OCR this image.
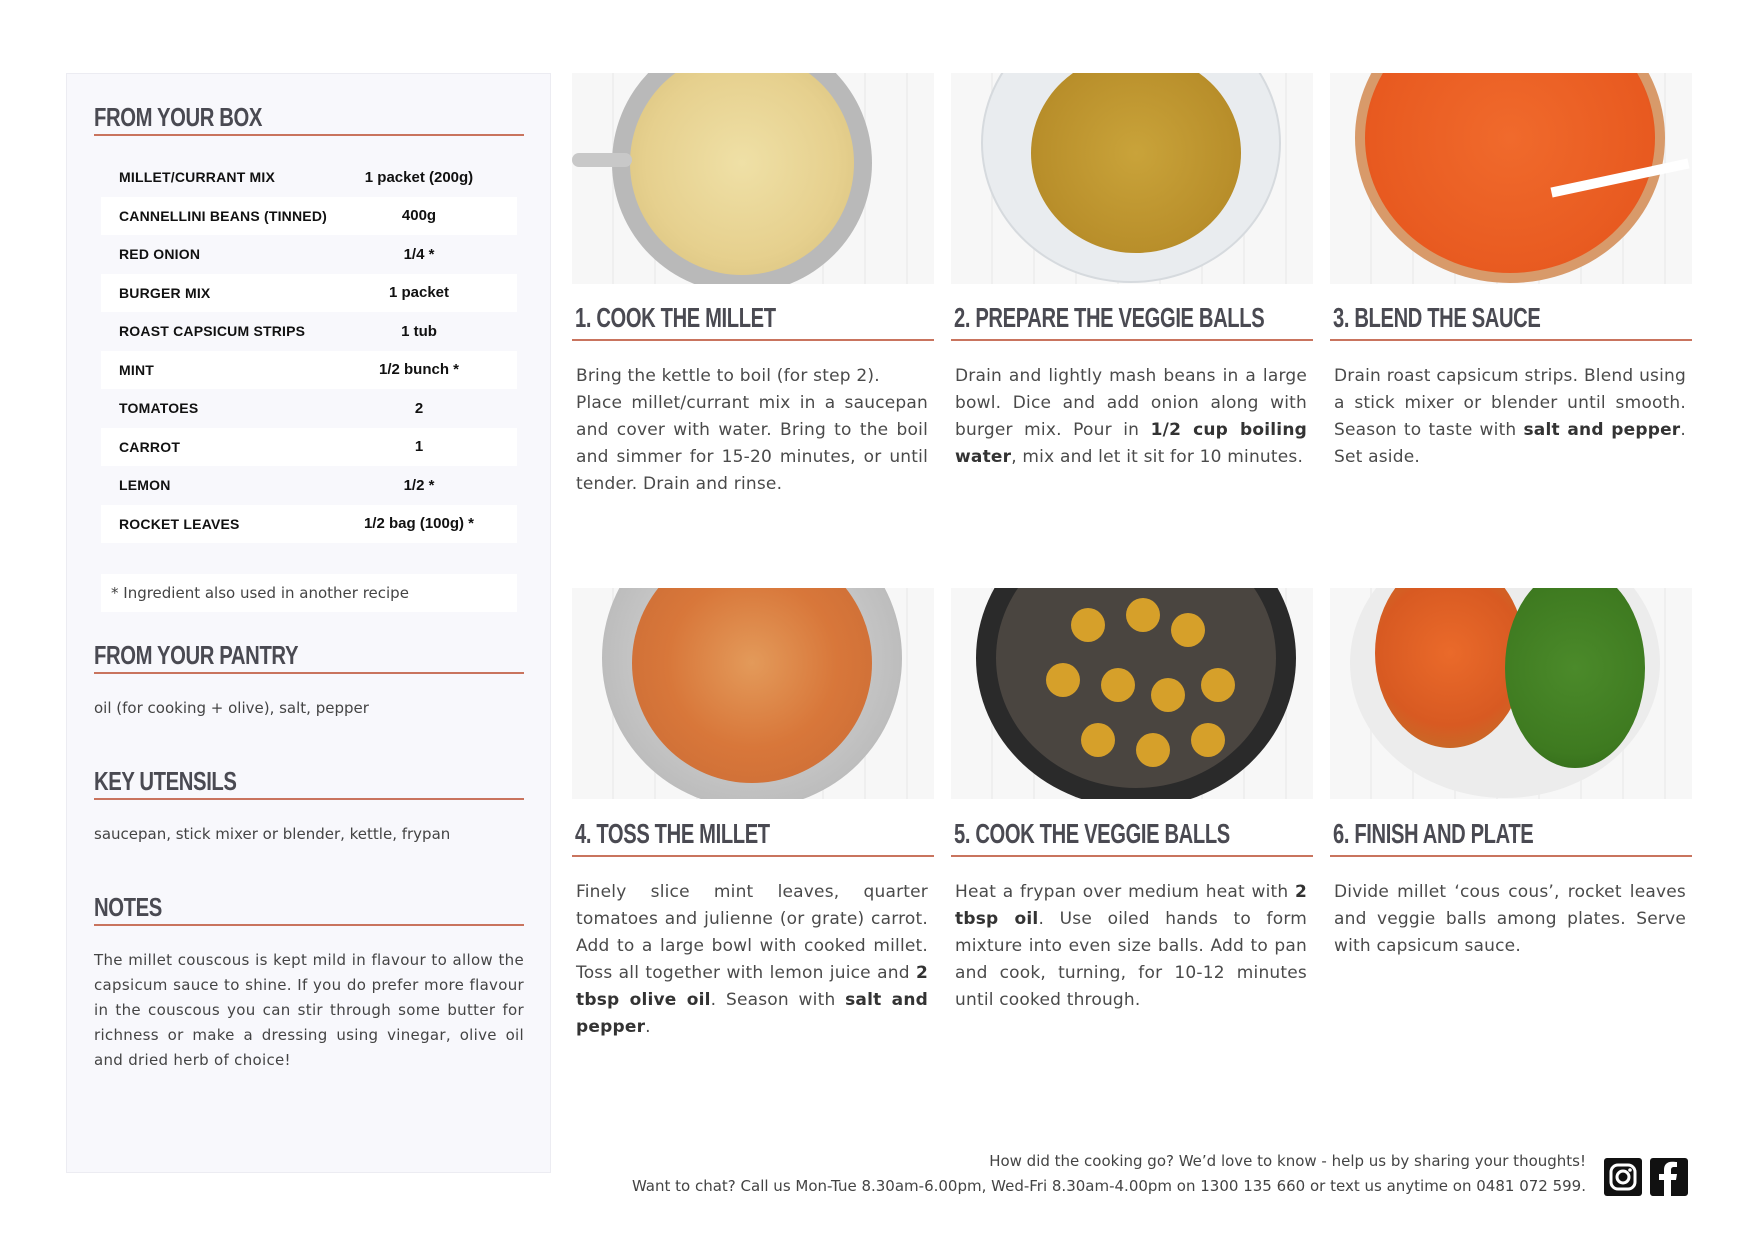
FROM YOUR BOX
MILLET/CURRANT MIX	1 packet (200g)
CANNELLINI BEANS (TINNED)	400g
RED ONION	1/4 *
BURGER MIX	1 packet
ROAST CAPSICUM STRIPS	1 tub
MINT	1/2 bunch *
TOMATOES	2
CARROT	1
LEMON	1/2 *
ROCKET LEAVES	1/2 bag (100g) *
* Ingredient also used in another recipe
FROM YOUR PANTRY
oil (for cooking + olive), salt, pepper
KEY UTENSILS
saucepan, stick mixer or blender, kettle, frypan
NOTES
The millet couscous is kept mild in flavour to allow the capsicum sauce to shine. If you do prefer more flavour in the couscous you can stir through some butter for richness or make a dressing using vinegar, olive oil and dried herb of choice!
1. COOK THE MILLET	2. PREPARE THE VEGGIE BALLS	3. BLEND THE SAUCE
Bring the kettle to boil (for step 2).
Place millet/currant mix in a saucepan and cover with water. Bring to the boil and simmer for 15-20 minutes, or until tender. Drain and rinse.
Drain and lightly mash beans in a large bowl. Dice and add onion along with burger mix. Pour in 1/2 cup boiling water, mix and let it sit for 10 minutes.
Drain roast capsicum strips. Blend using a stick mixer or blender until smooth. Season to taste with salt and pepper. Set aside.
4. TOSS THE MILLET	5. COOK THE VEGGIE BALLS	6. FINISH AND PLATE
Finely slice mint leaves, quarter tomatoes and julienne (or grate) carrot. Add to a large bowl with cooked millet. Toss all together with lemon juice and 2 tbsp olive oil. Season with salt and pepper.
Heat a frypan over medium heat with 2 tbsp oil. Use oiled hands to form mixture into even size balls. Add to pan and cook, turning, for 10-12 minutes until cooked through.
Divide millet ‘cous cous’, rocket leaves and veggie balls among plates. Serve with capsicum sauce.
How did the cooking go? We’d love to know - help us by sharing your thoughts!
Want to chat? Call us Mon-Tue 8.30am-6.00pm, Wed-Fri 8.30am-4.00pm on 1300 135 660 or text us anytime on 0481 072 599.
